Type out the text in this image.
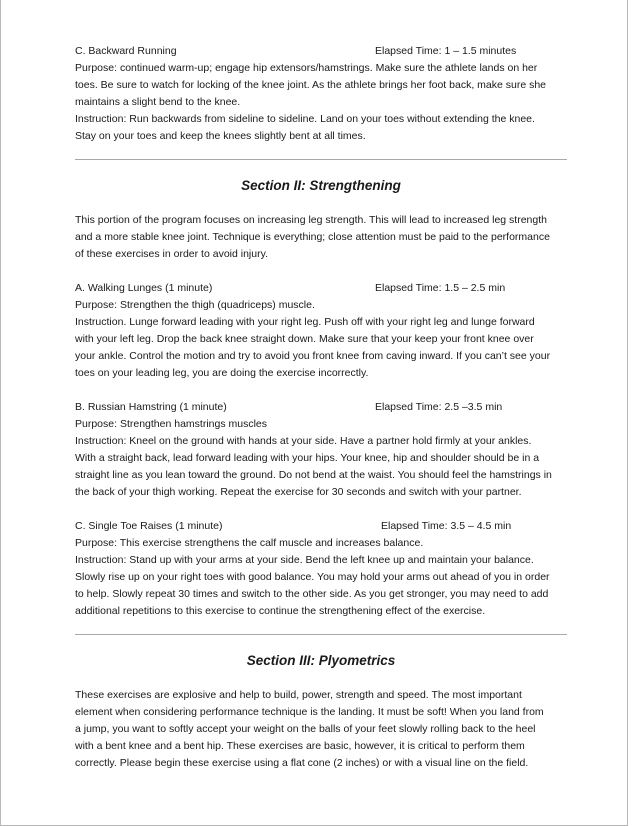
C. Backward Running	Elapsed Time: 1 – 1.5 minutes
Purpose: continued warm-up; engage hip extensors/hamstrings. Make sure the athlete lands on her
toes. Be sure to watch for locking of the knee joint. As the athlete brings her foot back, make sure she
maintains a slight bend to the knee.
Instruction: Run backwards from sideline to sideline. Land on your toes without extending the knee.
Stay on your toes and keep the knees slightly bent at all times.
Section II: Strengthening
This portion of the program focuses on increasing leg strength. This will lead to increased leg strength
and a more stable knee joint. Technique is everything; close attention must be paid to the performance
of these exercises in order to avoid injury.
A. Walking Lunges (1 minute)	Elapsed Time: 1.5 – 2.5 min
Purpose: Strengthen the thigh (quadriceps) muscle.
Instruction. Lunge forward leading with your right leg. Push off with your right leg and lunge forward
with your left leg. Drop the back knee straight down. Make sure that your keep your front knee over
your ankle. Control the motion and try to avoid you front knee from caving inward. If you can’t see your
toes on your leading leg, you are doing the exercise incorrectly.
B. Russian Hamstring (1 minute)	Elapsed Time: 2.5 –3.5 min
Purpose: Strengthen hamstrings muscles
Instruction: Kneel on the ground with hands at your side. Have a partner hold firmly at your ankles.
With a straight back, lead forward leading with your hips. Your knee, hip and shoulder should be in a
straight line as you lean toward the ground. Do not bend at the waist. You should feel the hamstrings in
the back of your thigh working. Repeat the exercise for 30 seconds and switch with your partner.
C. Single Toe Raises (1 minute)	Elapsed Time: 3.5 – 4.5 min
Purpose: This exercise strengthens the calf muscle and increases balance.
Instruction: Stand up with your arms at your side. Bend the left knee up and maintain your balance.
Slowly rise up on your right toes with good balance. You may hold your arms out ahead of you in order
to help. Slowly repeat 30 times and switch to the other side. As you get stronger, you may need to add
additional repetitions to this exercise to continue the strengthening effect of the exercise.
Section III: Plyometrics
These exercises are explosive and help to build, power, strength and speed. The most important
element when considering performance technique is the landing. It must be soft! When you land from
a jump, you want to softly accept your weight on the balls of your feet slowly rolling back to the heel
with a bent knee and a bent hip. These exercises are basic, however, it is critical to perform them
correctly. Please begin these exercise using a flat cone (2 inches) or with a visual line on the field.
